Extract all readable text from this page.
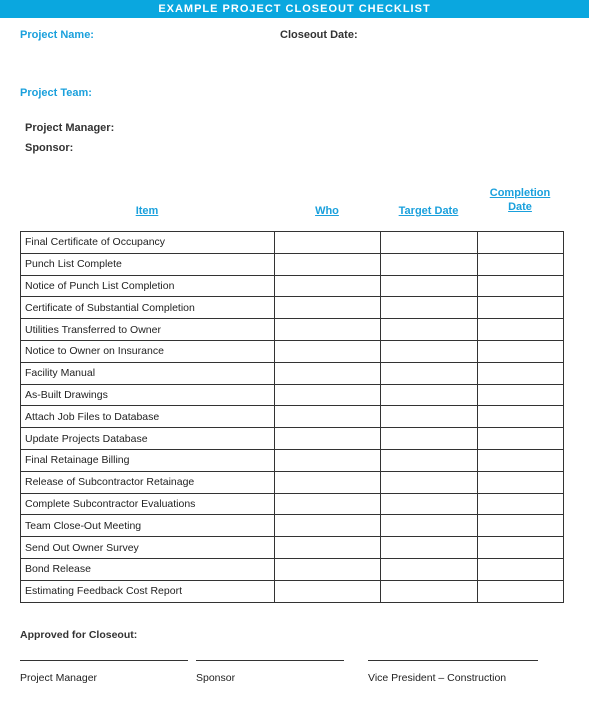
EXAMPLE PROJECT CLOSEOUT CHECKLIST
Project Name:	Closeout Date:
Project Team:
Project Manager:
Sponsor:
Item	Who	Target Date
Completion
Date
Final Certificate of Occupancy			
Punch List Complete			
Notice of Punch List Completion			
Certificate of Substantial Completion			
Utilities Transferred to Owner			
Notice to Owner on Insurance			
Facility Manual			
As-Built Drawings			
Attach Job Files to Database			
Update Projects Database			
Final Retainage Billing			
Release of Subcontractor Retainage			
Complete Subcontractor Evaluations			
Team Close-Out Meeting			
Send Out Owner Survey			
Bond Release			
Estimating Feedback Cost Report			
Approved for Closeout:
Project Manager	Sponsor	Vice President – Construction
